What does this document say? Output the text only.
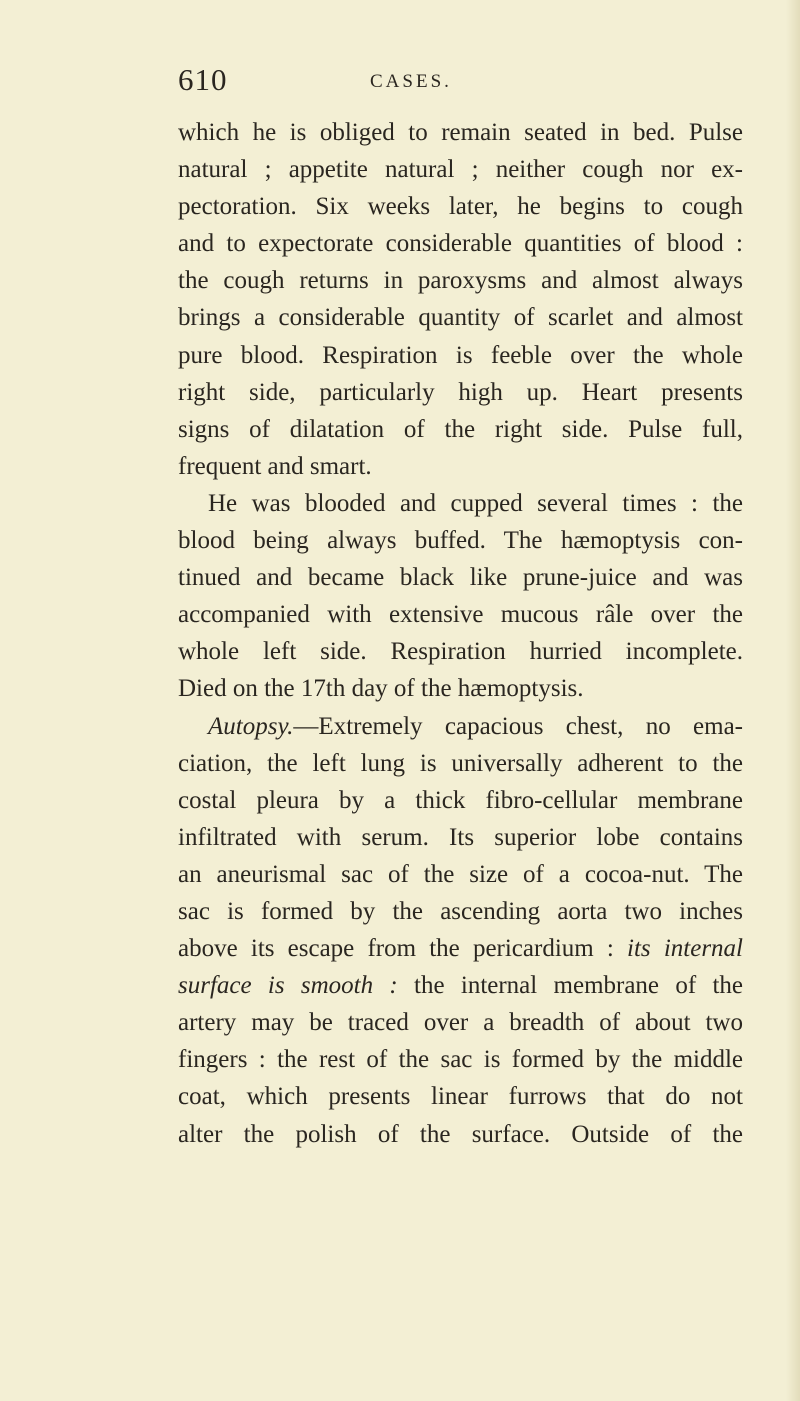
610	CASES.
which he is obliged to remain seated in bed. Pulse
natural ; appetite natural ; neither cough nor ex-
pectoration. Six weeks later, he begins to cough
and to expectorate considerable quantities of blood :
the cough returns in paroxysms and almost always
brings a considerable quantity of scarlet and almost
pure blood. Respiration is feeble over the whole
right side, particularly high up. Heart presents
signs of dilatation of the right side. Pulse full,
frequent and smart.
He was blooded and cupped several times : the
blood being always buffed. The hæmoptysis con-
tinued and became black like prune-juice and was
accompanied with extensive mucous râle over the
whole left side. Respiration hurried incomplete.
Died on the 17th day of the hæmoptysis.
Autopsy.—Extremely capacious chest, no ema-
ciation, the left lung is universally adherent to the
costal pleura by a thick fibro-cellular membrane
infiltrated with serum. Its superior lobe contains
an aneurismal sac of the size of a cocoa-nut. The
sac is formed by the ascending aorta two inches
above its escape from the pericardium : its internal
surface is smooth : the internal membrane of the
artery may be traced over a breadth of about two
fingers : the rest of the sac is formed by the middle
coat, which presents linear furrows that do not
alter the polish of the surface. Outside of the
